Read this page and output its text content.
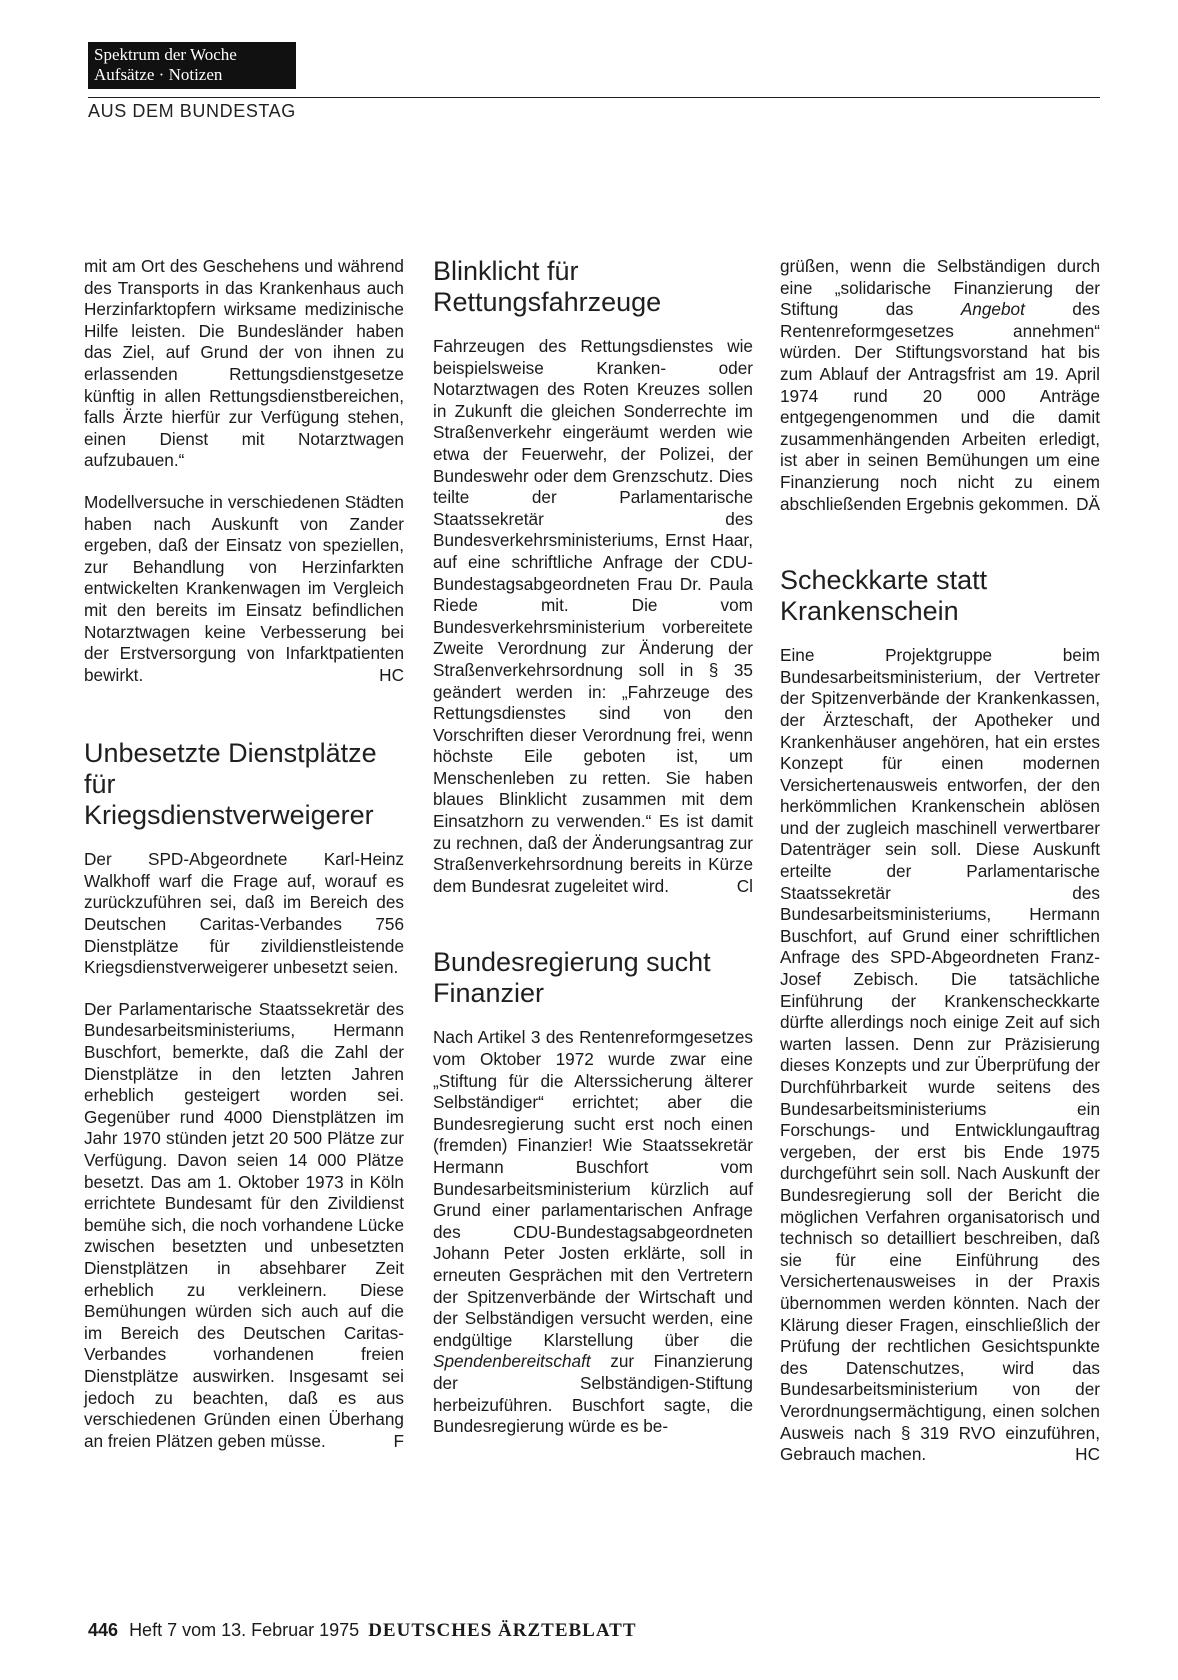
Spektrum der Woche
Aufsätze · Notizen
AUS DEM BUNDESTAG

mit am Ort des Geschehens und während des Transports in das Krankenhaus auch Herzinfarktopfern wirksame medizinische Hilfe leisten. Die Bundesländer haben das Ziel, auf Grund der von ihnen zu erlassenden Rettungsdienstgesetze künftig in allen Rettungsdienstbereichen, falls Ärzte hierfür zur Verfügung stehen, einen Dienst mit Notarztwagen aufzubauen.“

Modellversuche in verschiedenen Städten haben nach Auskunft von Zander ergeben, daß der Einsatz von speziellen, zur Behandlung von Herzinfarkten entwickelten Krankenwagen im Vergleich mit den bereits im Einsatz befindlichen Notarztwagen keine Verbesserung bei der Erstversorgung von Infarktpatienten bewirkt.	HC

Unbesetzte Dienstplätze für Kriegsdienstverweigerer

Der SPD-Abgeordnete Karl-Heinz Walkhoff warf die Frage auf, worauf es zurückzuführen sei, daß im Bereich des Deutschen Caritas-Verbandes 756 Dienstplätze für zivildienstleistende Kriegsdienstverweigerer unbesetzt seien.

Der Parlamentarische Staatssekretär des Bundesarbeitsministeriums, Hermann Buschfort, bemerkte, daß die Zahl der Dienstplätze in den letzten Jahren erheblich gesteigert worden sei. Gegenüber rund 4000 Dienstplätzen im Jahr 1970 stünden jetzt 20 500 Plätze zur Verfügung. Davon seien 14 000 Plätze besetzt. Das am 1. Oktober 1973 in Köln errichtete Bundesamt für den Zivildienst bemühe sich, die noch vorhandene Lücke zwischen besetzten und unbesetzten Dienstplätzen in absehbarer Zeit erheblich zu verkleinern. Diese Bemühungen würden sich auch auf die im Bereich des Deutschen Caritas-Verbandes vorhandenen freien Dienstplätze auswirken. Insgesamt sei jedoch zu beachten, daß es aus verschiedenen Gründen einen Überhang an freien Plätzen geben müsse.	F

Blinklicht für Rettungsfahrzeuge

Fahrzeugen des Rettungsdienstes wie beispielsweise Kranken- oder Notarztwagen des Roten Kreuzes sollen in Zukunft die gleichen Sonderrechte im Straßenverkehr eingeräumt werden wie etwa der Feuerwehr, der Polizei, der Bundeswehr oder dem Grenzschutz. Dies teilte der Parlamentarische Staatssekretär des Bundesverkehrsministeriums, Ernst Haar, auf eine schriftliche Anfrage der CDU-Bundestagsabgeordneten Frau Dr. Paula Riede mit. Die vom Bundesverkehrsministerium vorbereitete Zweite Verordnung zur Änderung der Straßenverkehrsordnung soll in § 35 geändert werden in: „Fahrzeuge des Rettungsdienstes sind von den Vorschriften dieser Verordnung frei, wenn höchste Eile geboten ist, um Menschenleben zu retten. Sie haben blaues Blinklicht zusammen mit dem Einsatzhorn zu verwenden.“ Es ist damit zu rechnen, daß der Änderungsantrag zur Straßenverkehrsordnung bereits in Kürze dem Bundesrat zugeleitet wird.	Cl

Bundesregierung sucht Finanzier

Nach Artikel 3 des Rentenreformgesetzes vom Oktober 1972 wurde zwar eine „Stiftung für die Alterssicherung älterer Selbständiger“ errichtet; aber die Bundesregierung sucht erst noch einen (fremden) Finanzier! Wie Staatssekretär Hermann Buschfort vom Bundesarbeitsministerium kürzlich auf Grund einer parlamentarischen Anfrage des CDU-Bundestagsabgeordneten Johann Peter Josten erklärte, soll in erneuten Gesprächen mit den Vertretern der Spitzenverbände der Wirtschaft und der Selbständigen versucht werden, eine endgültige Klarstellung über die Spendenbereitschaft zur Finanzierung der Selbständigen-Stiftung herbeizuführen. Buschfort sagte, die Bundesregierung würde es be-

grüßen, wenn die Selbständigen durch eine „solidarische Finanzierung der Stiftung das	Angebot	des Rentenreformgesetzes annehmen“ würden. Der Stiftungsvorstand hat bis zum Ablauf der Antragsfrist am 19. April 1974 rund 20 000 Anträge entgegengenommen und die damit zusammenhängenden Arbeiten erledigt, ist aber in seinen Bemühungen um eine Finanzierung noch nicht zu einem abschließenden Ergebnis gekommen. DÄ

Scheckkarte statt Krankenschein

Eine Projektgruppe beim Bundesarbeitsministerium, der Vertreter der Spitzenverbände der Krankenkassen, der Ärzteschaft, der Apotheker und Krankenhäuser angehören, hat ein erstes Konzept für einen modernen Versichertenausweis entworfen, der den herkömmlichen Krankenschein ablösen und der zugleich maschinell verwertbarer Datenträger sein soll. Diese Auskunft erteilte der Parlamentarische Staatssekretär des Bundesarbeitsministeriums, Hermann Buschfort, auf Grund einer schriftlichen Anfrage des SPD-Abgeordneten Franz-Josef Zebisch. Die tatsächliche Einführung der Krankenscheckkarte dürfte allerdings noch einige Zeit auf sich warten lassen. Denn zur Präzisierung dieses Konzepts und zur Überprüfung der Durchführbarkeit wurde seitens des Bundesarbeitsministeriums ein Forschungs- und Entwicklungauftrag vergeben, der erst bis Ende 1975 durchgeführt sein soll. Nach Auskunft der Bundesregierung soll der Bericht die möglichen Verfahren organisatorisch und technisch so detailliert beschreiben, daß sie für eine Einführung des Versichertenausweises in der Praxis übernommen werden könnten. Nach der Klärung dieser Fragen, einschließlich der Prüfung der rechtlichen Gesichtspunkte des Datenschutzes, wird das Bundesarbeitsministerium von der Verordnungsermächtigung, einen solchen Ausweis nach § 319 RVO einzuführen, Gebrauch machen.	HC

446 Heft 7 vom 13. Februar 1975 DEUTSCHES ÄRZTEBLATT
